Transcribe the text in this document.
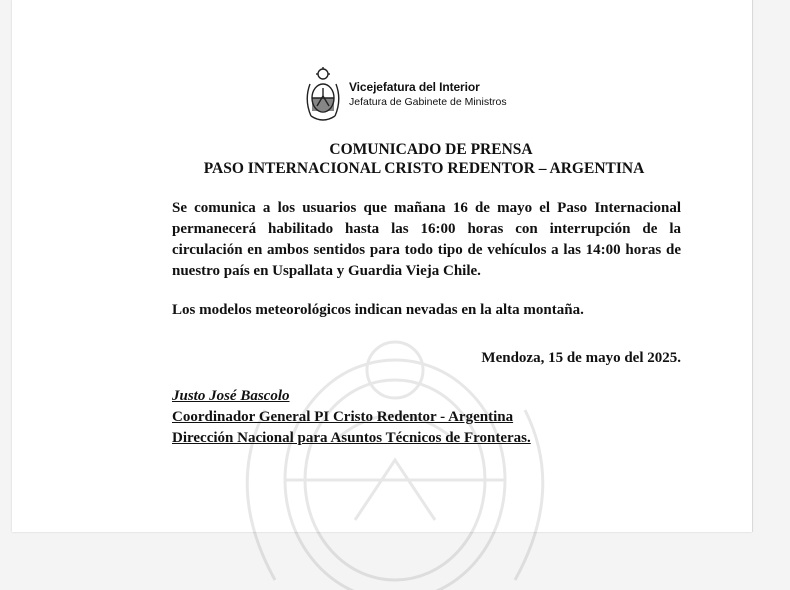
Vicejefatura del Interior
Jefatura de Gabinete de Ministros
COMUNICADO DE PRENSA
PASO INTERNACIONAL CRISTO REDENTOR – ARGENTINA

Se comunica a los usuarios que mañana 16 de mayo el Paso Internacional permanecerá habilitado hasta las 16:00 horas con interrupción de la circulación en ambos sentidos para todo tipo de vehículos a las 14:00 horas de nuestro país en Uspallata y Guardia Vieja Chile.

Los modelos meteorológicos indican nevadas en la alta montaña.

Mendoza, 15 de mayo del 2025.
Justo José Bascolo
Coordinador General PI Cristo Redentor - Argentina
Dirección Nacional para Asuntos Técnicos de Fronteras.
